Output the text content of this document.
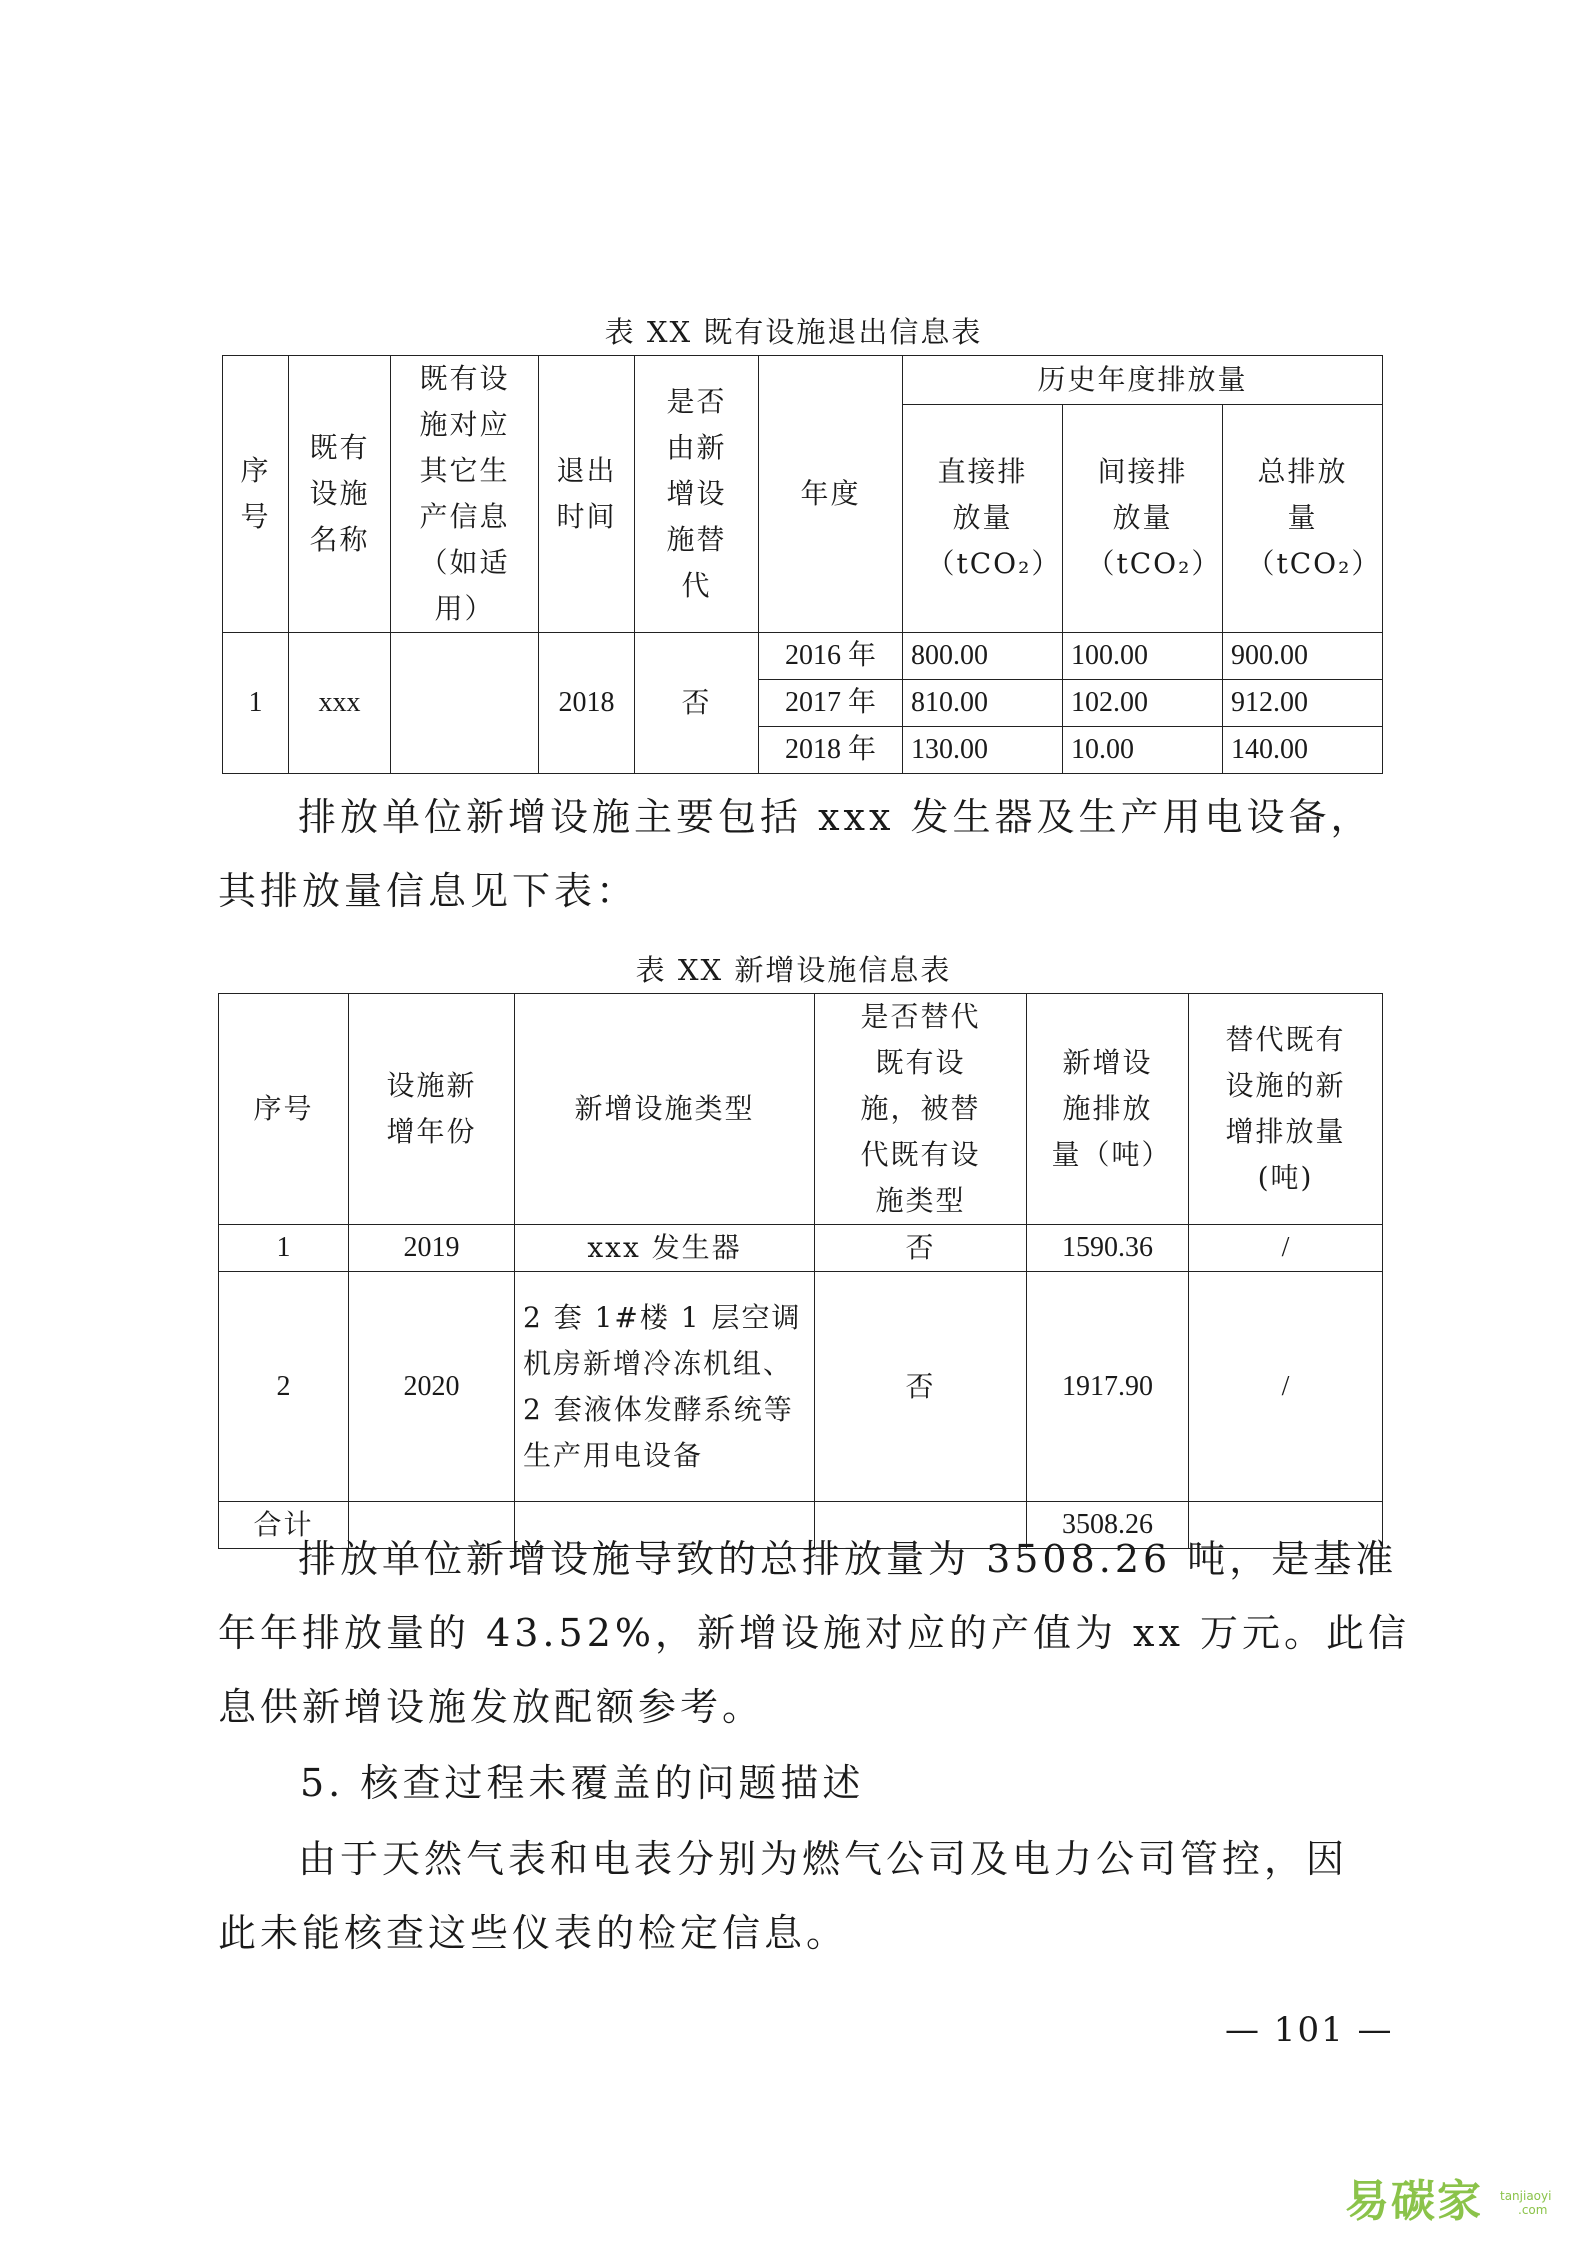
表 XX 既有设施退出信息表
序号	既有设施名称	既有设施对应其它生产信息（如适用）	退出时间	是否由新增设施替代	年度	历史年度排放量		

						直接排放量（tCO₂）	间接排放量（tCO₂）	总排放量（tCO₂）

1	xxx		2018	否	2016 年	800.00	100.00	900.00
					2017 年	810.00	102.00	912.00
					2018 年	130.00	10.00	140.00
排放单位新增设施主要包括 xxx 发生器及生产用电设备，
其排放量信息见下表：
表 XX 新增设施信息表
序号	设施新增年份	新增设施类型	是否替代既有设施，被替代既有设施类型	新增设施排放量（吨）	替代既有设施的新增排放量(吨)

1	2019	xxx 发生器	否	1590.36	/
2	2020	2 套 1#楼 1 层空调机房新增冷冻机组、2 套液体发酵系统等生产用电设备	否	1917.90	/
合计				3508.26	
排放单位新增设施导致的总排放量为 3508.26 吨，是基准
年年排放量的 43.52%，新增设施对应的产值为 xx 万元。此信
息供新增设施发放配额参考。
5. 核查过程未覆盖的问题描述
由于天然气表和电表分别为燃气公司及电力公司管控，因
此未能核查这些仪表的检定信息。
— 101 —
易碳家 tanjiaoyi
.com
